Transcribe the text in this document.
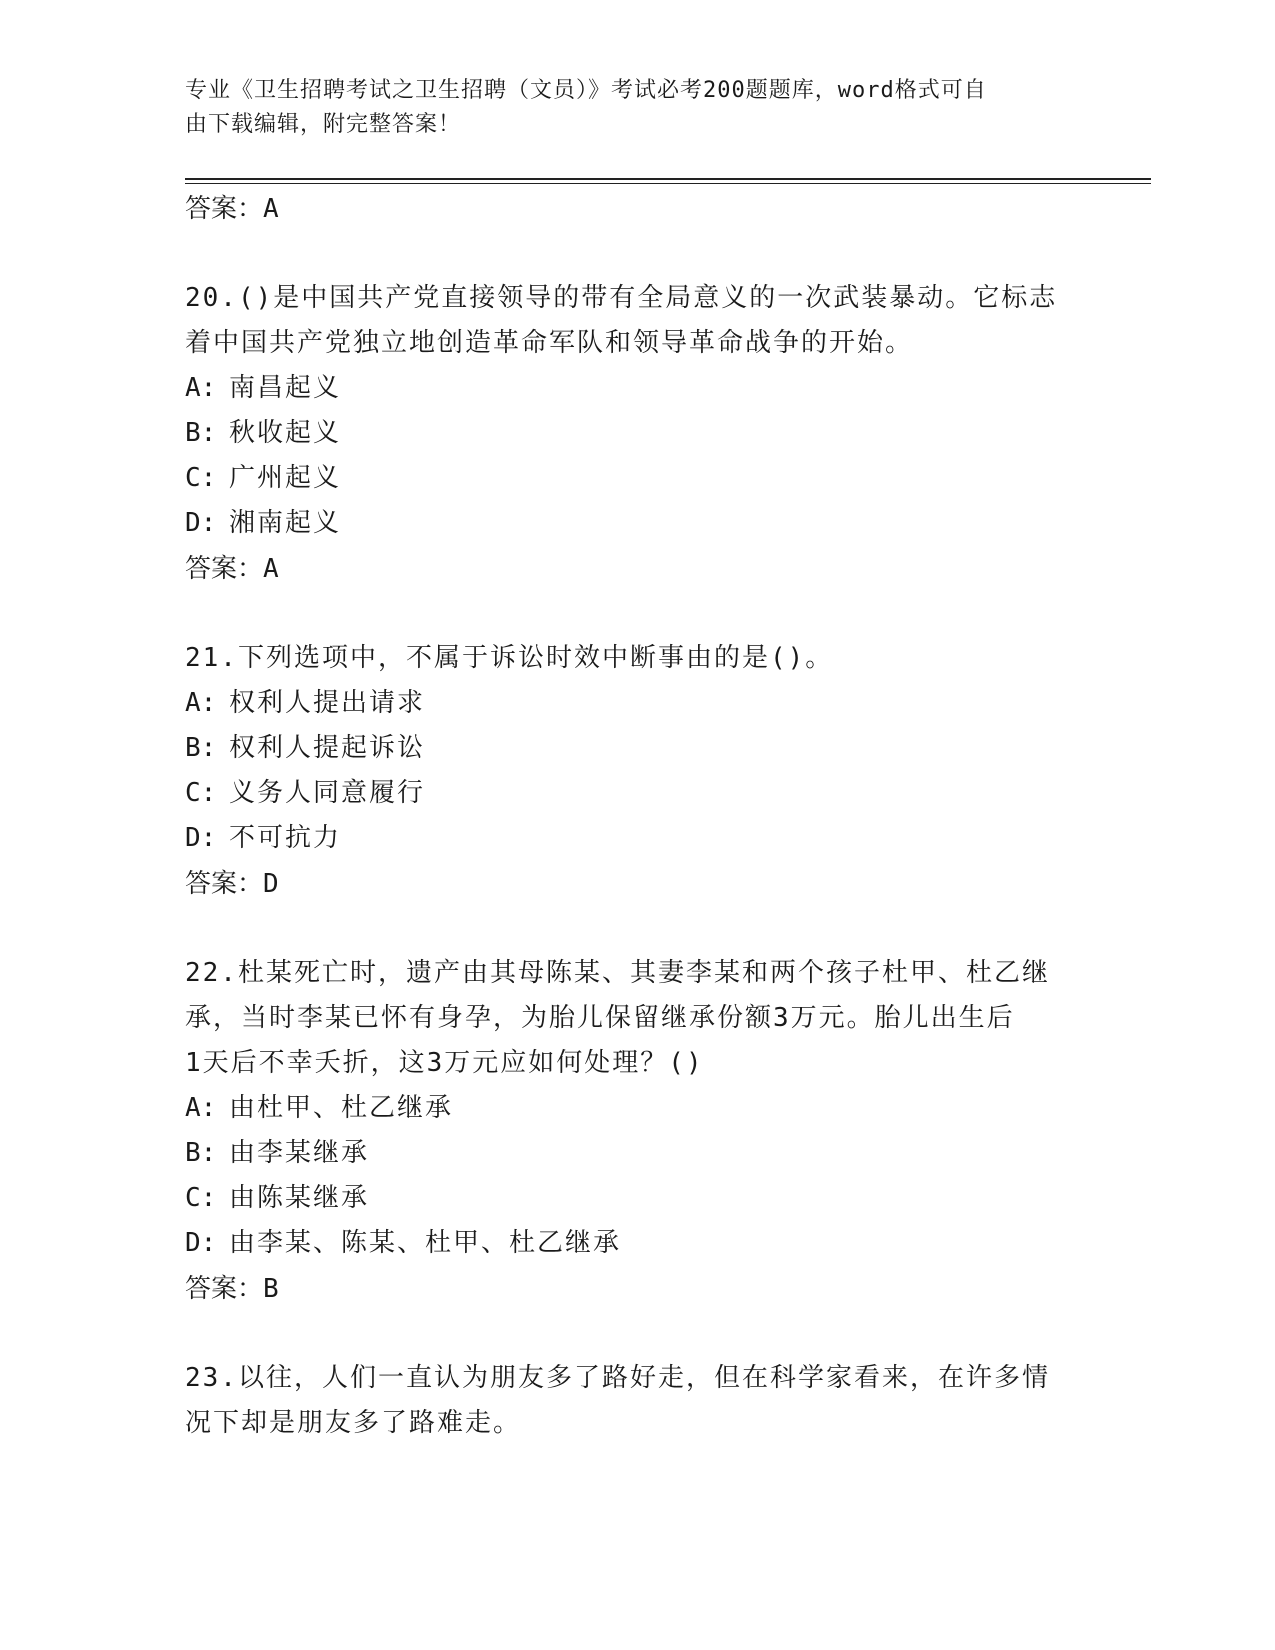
专业《卫生招聘考试之卫生招聘（文员）》考试必考200题题库，word格式可自
由下载编辑，附完整答案！

答案：A

20.()是中国共产党直接领导的带有全局意义的一次武装暴动。它标志

着中国共产党独立地创造革命军队和领导革命战争的开始。

A: 南昌起义

B: 秋收起义

C: 广州起义

D: 湘南起义

答案：A

21.下列选项中，不属于诉讼时效中断事由的是()。

A: 权利人提出请求

B: 权利人提起诉讼

C: 义务人同意履行

D: 不可抗力

答案：D

22.杜某死亡时，遗产由其母陈某、其妻李某和两个孩子杜甲、杜乙继

承，当时李某已怀有身孕，为胎儿保留继承份额3万元。胎儿出生后

1天后不幸夭折，这3万元应如何处理？()

A: 由杜甲、杜乙继承

B: 由李某继承

C: 由陈某继承

D: 由李某、陈某、杜甲、杜乙继承

答案：B

23.以往，人们一直认为朋友多了路好走，但在科学家看来，在许多情

况下却是朋友多了路难走。
